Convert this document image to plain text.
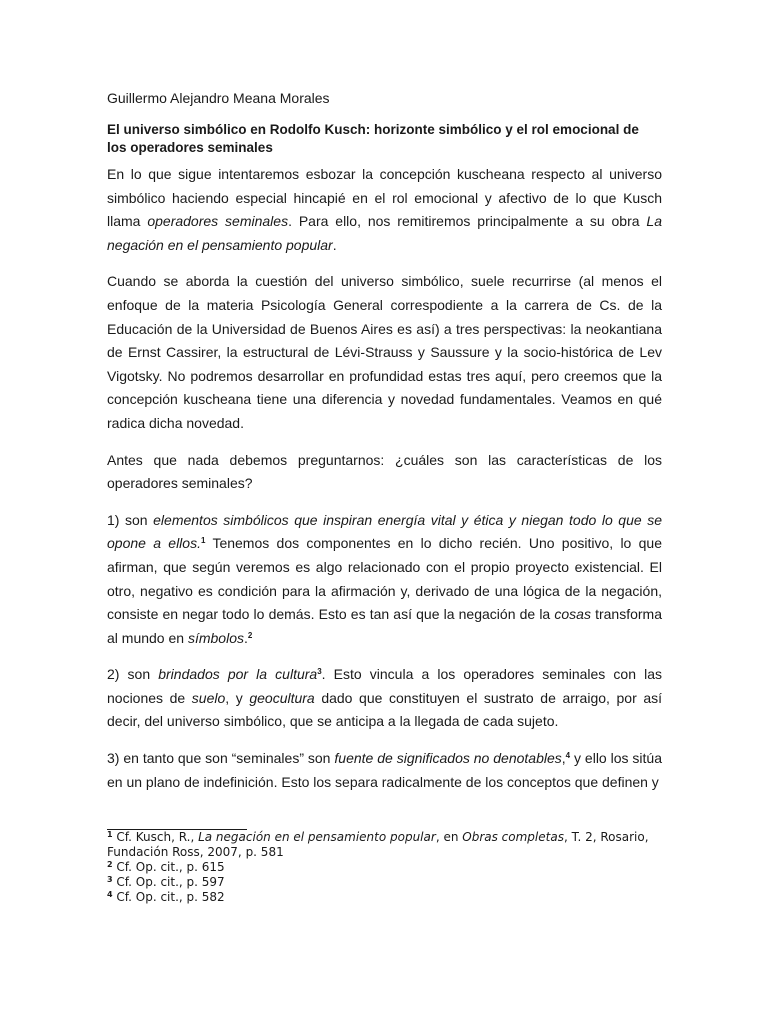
Guillermo Alejandro Meana Morales

El universo simbólico en Rodolfo Kusch: horizonte simbólico y el rol emocional de los operadores seminales

En lo que sigue intentaremos esbozar la concepción kuscheana respecto al universo simbólico haciendo especial hincapié en el rol emocional y afectivo de lo que Kusch llama operadores seminales. Para ello, nos remitiremos principalmente a su obra La negación en el pensamiento popular.

Cuando se aborda la cuestión del universo simbólico, suele recurrirse (al menos el enfoque de la materia Psicología General correspodiente a la carrera de Cs. de la Educación de la Universidad de Buenos Aires es así) a tres perspectivas: la neokantiana de Ernst Cassirer, la estructural de Lévi-Strauss y Saussure y la socio-histórica de Lev Vigotsky. No podremos desarrollar en profundidad estas tres aquí, pero creemos que la concepción kuscheana tiene una diferencia y novedad fundamentales. Veamos en qué radica dicha novedad.

Antes que nada debemos preguntarnos: ¿cuáles son las características de los operadores seminales?

1) son elementos simbólicos que inspiran energía vital y ética y niegan todo lo que se opone a ellos.$^1$ Tenemos dos componentes en lo dicho recién. Uno positivo, lo que afirman, que según veremos es algo relacionado con el propio proyecto existencial. El otro, negativo es condición para la afirmación y, derivado de una lógica de la negación, consiste en negar todo lo demás. Esto es tan así que la negación de la cosas transforma al mundo en símbolos.$^2$

2) son brindados por la cultura$^3$. Esto vincula a los operadores seminales con las nociones de suelo, y geocultura dado que constituyen el sustrato de arraigo, por así decir, del universo simbólico, que se anticipa a la llegada de cada sujeto.

3) en tanto que son “seminales” son fuente de significados no denotables,$^4$ y ello los sitúa en un plano de indefinición. Esto los separa radicalmente de los conceptos que definen y

$^1$ Cf. Kusch, R., La negación en el pensamiento popular, en Obras completas, T. 2, Rosario, Fundación Ross, 2007, p. 581

$^2$ Cf. Op. cit., p. 615

$^3$ Cf. Op. cit., p. 597

$^4$ Cf. Op. cit., p. 582
